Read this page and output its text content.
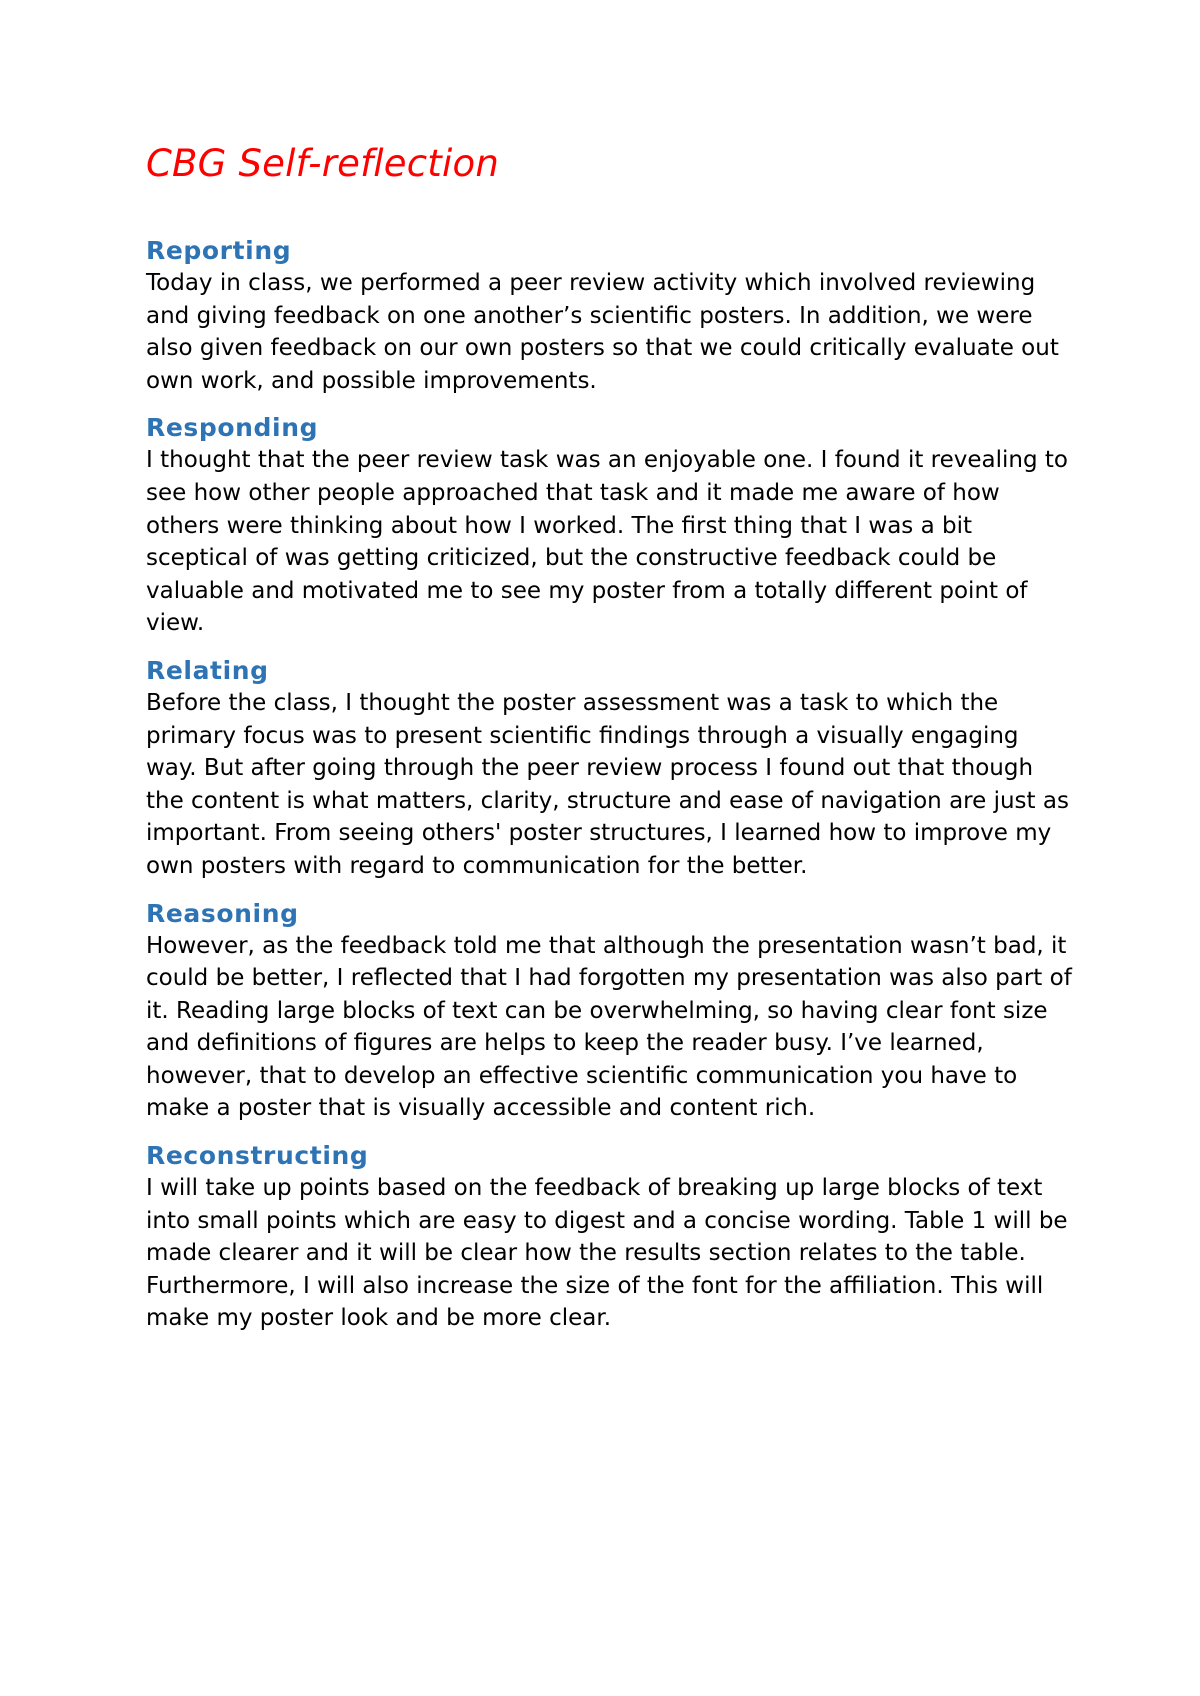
CBG Self-reflection
Reporting

Today in class, we performed a peer review activity which involved reviewing and giving feedback on one another’s scientific posters. In addition, we were also given feedback on our own posters so that we could critically evaluate out own work, and possible improvements.

Responding

I thought that the peer review task was an enjoyable one. I found it revealing to see how other people approached that task and it made me aware of how others were thinking about how I worked. The first thing that I was a bit sceptical of was getting criticized, but the constructive feedback could be valuable and motivated me to see my poster from a totally different point of view.

Relating

Before the class, I thought the poster assessment was a task to which the primary focus was to present scientific findings through a visually engaging way. But after going through the peer review process I found out that though the content is what matters, clarity, structure and ease of navigation are just as important. From seeing others' poster structures, I learned how to improve my own posters with regard to communication for the better.

Reasoning

However, as the feedback told me that although the presentation wasn’t bad, it could be better, I reflected that I had forgotten my presentation was also part of it. Reading large blocks of text can be overwhelming, so having clear font size and definitions of figures are helps to keep the reader busy. I’ve learned, however, that to develop an effective scientific communication you have to make a poster that is visually accessible and content rich.

Reconstructing

I will take up points based on the feedback of breaking up large blocks of text into small points which are easy to digest and a concise wording. Table 1 will be made clearer and it will be clear how the results section relates to the table. Furthermore, I will also increase the size of the font for the affiliation. This will make my poster look and be more clear.
